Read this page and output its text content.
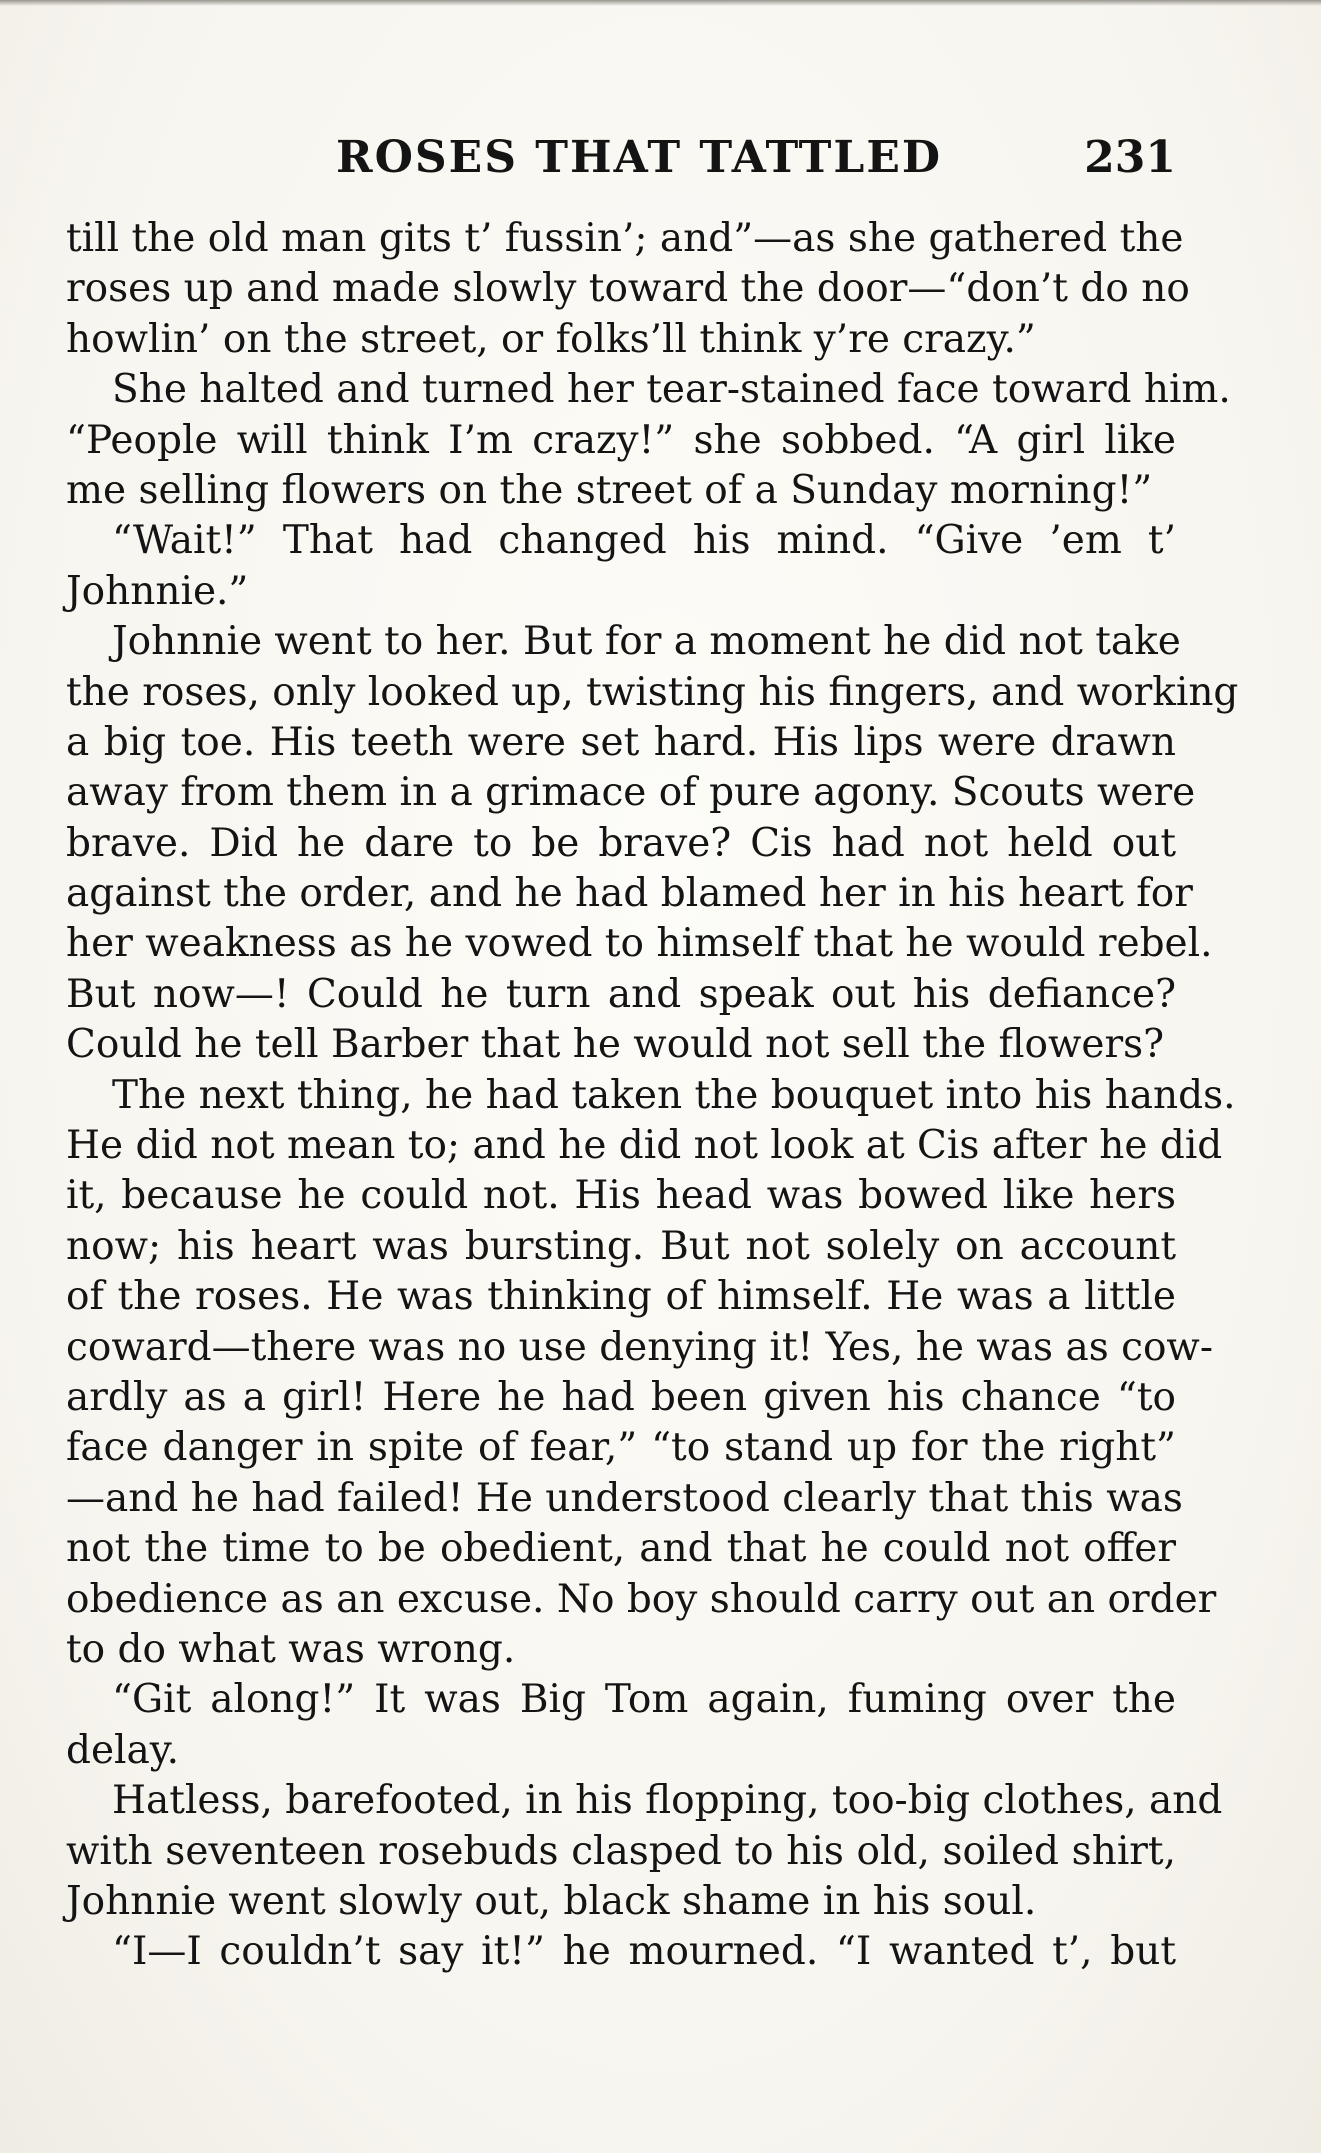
ROSES THAT TATTLED	231
till the old man gits t’ fussin’; and”—as she gathered the
roses up and made slowly toward the door—“don’t do no
howlin’ on the street, or folks’ll think y’re crazy.”
She halted and turned her tear-stained face toward him.
“People will think I’m crazy!” she sobbed. “A girl like
me selling flowers on the street of a Sunday morning!”
“Wait!” That had changed his mind. “Give ’em t’
Johnnie.”
Johnnie went to her. But for a moment he did not take
the roses, only looked up, twisting his fingers, and working
a big toe. His teeth were set hard. His lips were drawn
away from them in a grimace of pure agony. Scouts were
brave. Did he dare to be brave? Cis had not held out
against the order, and he had blamed her in his heart for
her weakness as he vowed to himself that he would rebel.
But now—! Could he turn and speak out his defiance?
Could he tell Barber that he would not sell the flowers?
The next thing, he had taken the bouquet into his hands.
He did not mean to; and he did not look at Cis after he did
it, because he could not. His head was bowed like hers
now; his heart was bursting. But not solely on account
of the roses. He was thinking of himself. He was a little
coward—there was no use denying it! Yes, he was as cow-
ardly as a girl! Here he had been given his chance “to
face danger in spite of fear,” “to stand up for the right”
—and he had failed! He understood clearly that this was
not the time to be obedient, and that he could not offer
obedience as an excuse. No boy should carry out an order
to do what was wrong.
“Git along!” It was Big Tom again, fuming over the
delay.
Hatless, barefooted, in his flopping, too-big clothes, and
with seventeen rosebuds clasped to his old, soiled shirt,
Johnnie went slowly out, black shame in his soul.
“I—I couldn’t say it!” he mourned. “I wanted t’, but
